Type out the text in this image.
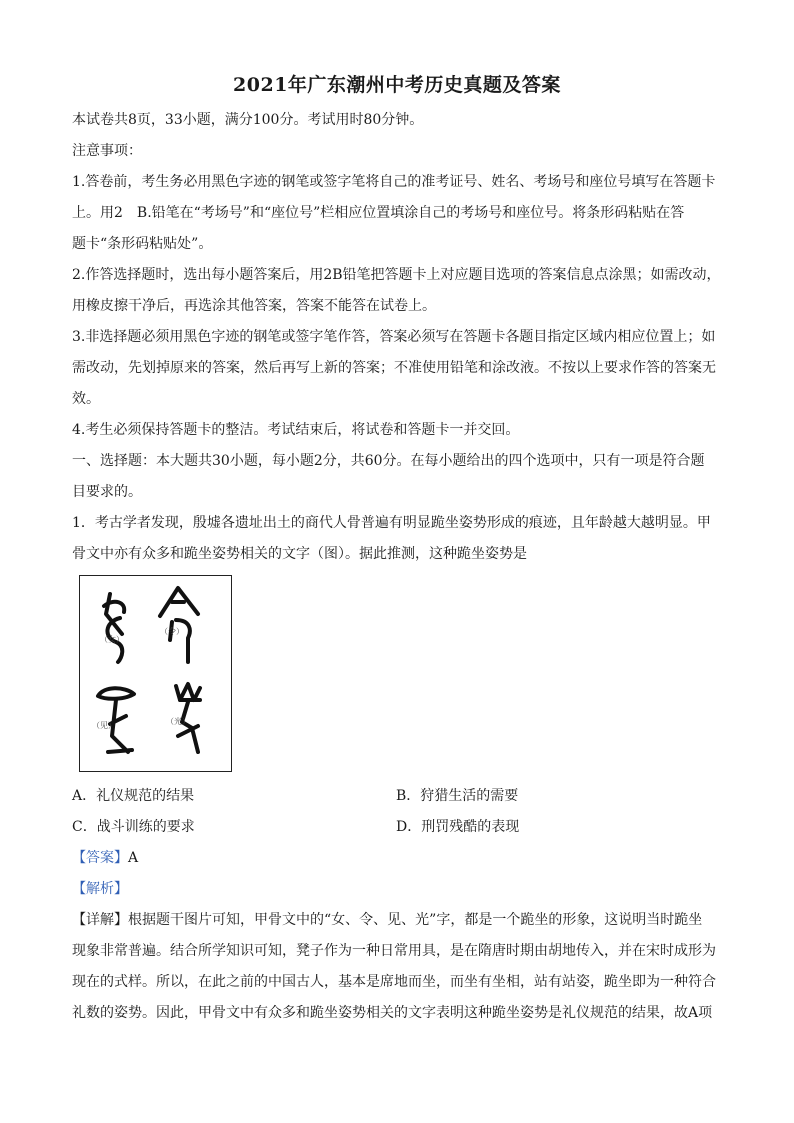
2021年广东潮州中考历史真题及答案
本试卷共8页，33小题，满分100分。考试用时80分钟。
注意事项：
1.答卷前，考生务必用黑色字迹的钢笔或签字笔将自己的准考证号、姓名、考场号和座位号填写在答题卡
上。用2　B.铅笔在“考场号”和“座位号”栏相应位置填涂自己的考场号和座位号。将条形码粘贴在答
题卡“条形码粘贴处”。
2.作答选择题时，选出每小题答案后，用2B铅笔把答题卡上对应题目选项的答案信息点涂黑；如需改动，
用橡皮擦干净后，再选涂其他答案，答案不能答在试卷上。
3.非选择题必须用黑色字迹的钢笔或签字笔作答，答案必须写在答题卡各题目指定区域内相应位置上；如
需改动，先划掉原来的答案，然后再写上新的答案；不准使用铅笔和涂改液。不按以上要求作答的答案无
效。
4.考生必须保持答题卡的整洁。考试结束后，将试卷和答题卡一并交回。
一、选择题：本大题共30小题，每小题2分，共60分。在每小题给出的四个选项中，只有一项是符合题
目要求的。
1．考古学者发现，殷墟各遗址出土的商代人骨普遍有明显跪坐姿势形成的痕迹，且年龄越大越明显。甲
骨文中亦有众多和跪坐姿势相关的文字（图）。据此推测，这种跪坐姿势是
（女）
（令）
（见）	（光）
A．礼仪规范的结果	B．狩猎生活的需要
C．战斗训练的要求	D．刑罚残酷的表现
【答案】A
【解析】
【详解】根据题干图片可知，甲骨文中的“女、令、见、光”字，都是一个跪坐的形象，这说明当时跪坐
现象非常普遍。结合所学知识可知，凳子作为一种日常用具，是在隋唐时期由胡地传入，并在宋时成形为
现在的式样。所以，在此之前的中国古人，基本是席地而坐，而坐有坐相，站有站姿，跪坐即为一种符合
礼数的姿势。因此，甲骨文中有众多和跪坐姿势相关的文字表明这种跪坐姿势是礼仪规范的结果，故A项
